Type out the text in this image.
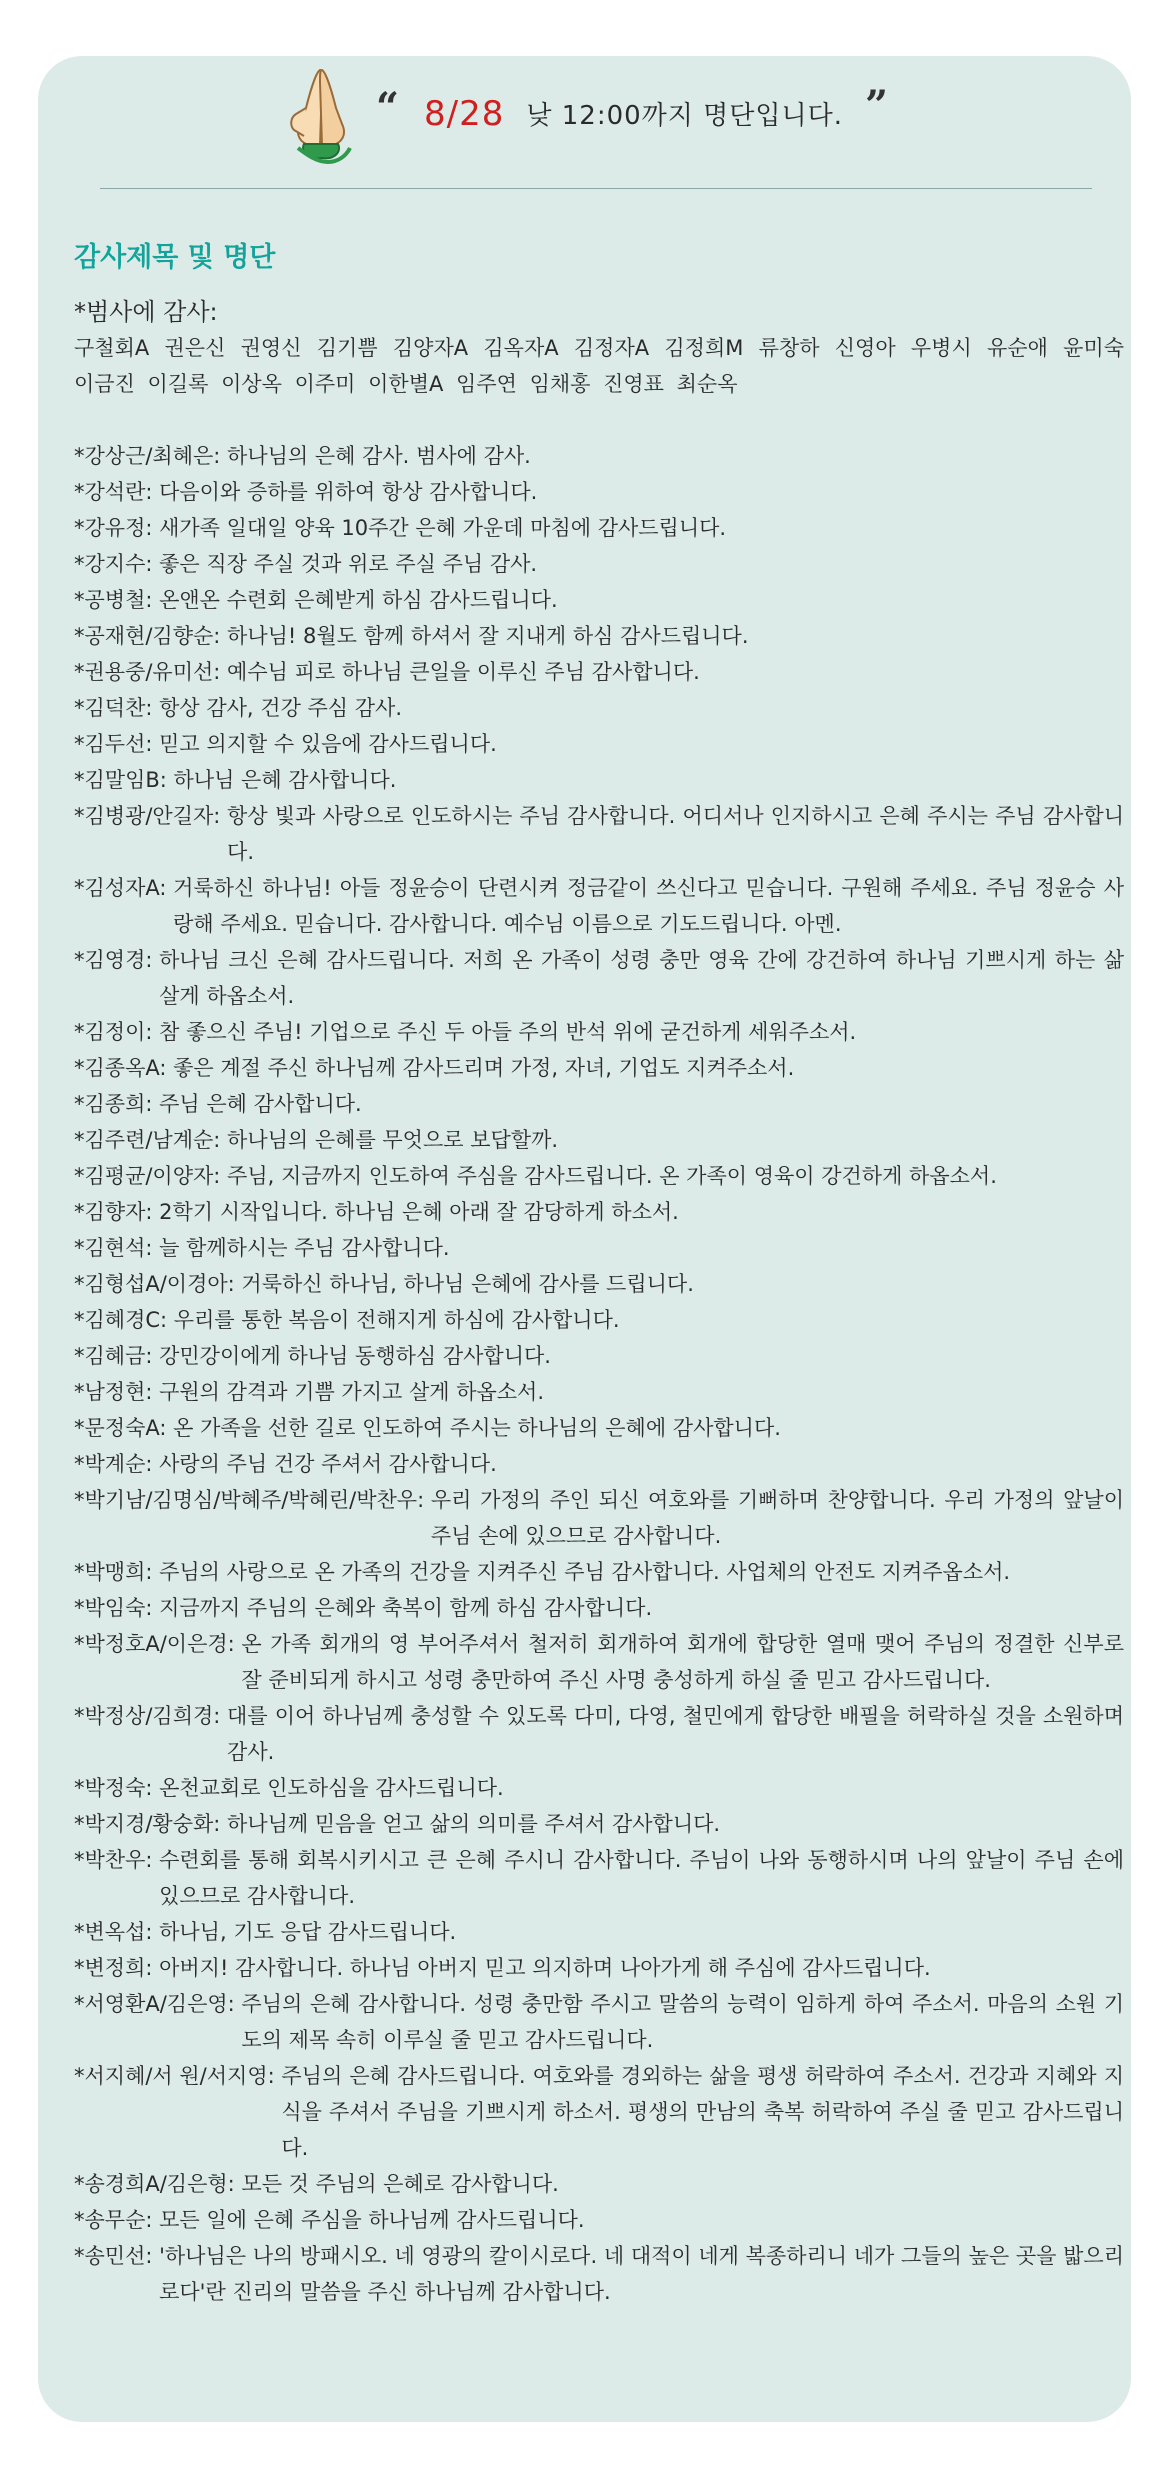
“ 8/28 낮 12:00까지 명단입니다. ”
감사제목 및 명단
*범사에 감사:
구철회A 권은신 권영신 김기쁨 김양자A 김옥자A 김정자A 김정희M 류창하 신영아 우병시 유순애 윤미숙
이금진 이길록 이상옥 이주미 이한별A 임주연 임채홍 진영표 최순옥
*강상근/최혜은: 하나님의 은혜 감사. 범사에 감사.
*강석란: 다음이와 증하를 위하여 항상 감사합니다.
*강유정: 새가족 일대일 양육 10주간 은혜 가운데 마침에 감사드립니다.
*강지수: 좋은 직장 주실 것과 위로 주실 주님 감사.
*공병철: 온앤온 수련회 은혜받게 하심 감사드립니다.
*공재현/김향순: 하나님! 8월도 함께 하셔서 잘 지내게 하심 감사드립니다.
*권용중/유미선: 예수님 피로 하나님 큰일을 이루신 주님 감사합니다.
*김덕찬: 항상 감사, 건강 주심 감사.
*김두선: 믿고 의지할 수 있음에 감사드립니다.
*김말임B: 하나님 은혜 감사합니다.
*김병광/안길자: 항상 빛과 사랑으로 인도하시는 주님 감사합니다. 어디서나 인지하시고 은혜 주시는 주님 감사합니다.
*김성자A: 거룩하신 하나님! 아들 정윤승이 단련시켜 정금같이 쓰신다고 믿습니다. 구원해 주세요. 주님 정윤승 사랑해 주세요. 믿습니다. 감사합니다. 예수님 이름으로 기도드립니다. 아멘.
*김영경: 하나님 크신 은혜 감사드립니다. 저희 온 가족이 성령 충만 영육 간에 강건하여 하나님 기쁘시게 하는 삶 살게 하옵소서.
*김정이: 참 좋으신 주님! 기업으로 주신 두 아들 주의 반석 위에 굳건하게 세워주소서.
*김종옥A: 좋은 계절 주신 하나님께 감사드리며 가정, 자녀, 기업도 지켜주소서.
*김종희: 주님 은혜 감사합니다.
*김주련/남계순: 하나님의 은혜를 무엇으로 보답할까.
*김평균/이양자: 주님, 지금까지 인도하여 주심을 감사드립니다. 온 가족이 영육이 강건하게 하옵소서.
*김향자: 2학기 시작입니다. 하나님 은혜 아래 잘 감당하게 하소서.
*김현석: 늘 함께하시는 주님 감사합니다.
*김형섭A/이경아: 거룩하신 하나님, 하나님 은혜에 감사를 드립니다.
*김혜경C: 우리를 통한 복음이 전해지게 하심에 감사합니다.
*김혜금: 강민강이에게 하나님 동행하심 감사합니다.
*남정현: 구원의 감격과 기쁨 가지고 살게 하옵소서.
*문정숙A: 온 가족을 선한 길로 인도하여 주시는 하나님의 은혜에 감사합니다.
*박계순: 사랑의 주님 건강 주셔서 감사합니다.
*박기남/김명심/박혜주/박혜린/박찬우: 우리 가정의 주인 되신 여호와를 기뻐하며 찬양합니다. 우리 가정의 앞날이 주님 손에 있으므로 감사합니다.
*박맹희: 주님의 사랑으로 온 가족의 건강을 지켜주신 주님 감사합니다. 사업체의 안전도 지켜주옵소서.
*박임숙: 지금까지 주님의 은혜와 축복이 함께 하심 감사합니다.
*박정호A/이은경: 온 가족 회개의 영 부어주셔서 철저히 회개하여 회개에 합당한 열매 맺어 주님의 정결한 신부로 잘 준비되게 하시고 성령 충만하여 주신 사명 충성하게 하실 줄 믿고 감사드립니다.
*박정상/김희경: 대를 이어 하나님께 충성할 수 있도록 다미, 다영, 철민에게 합당한 배필을 허락하실 것을 소원하며 감사.
*박정숙: 온천교회로 인도하심을 감사드립니다.
*박지경/황숭화: 하나님께 믿음을 얻고 삶의 의미를 주셔서 감사합니다.
*박찬우: 수련회를 통해 회복시키시고 큰 은혜 주시니 감사합니다. 주님이 나와 동행하시며 나의 앞날이 주님 손에 있으므로 감사합니다.
*변옥섭: 하나님, 기도 응답 감사드립니다.
*변정희: 아버지! 감사합니다. 하나님 아버지 믿고 의지하며 나아가게 해 주심에 감사드립니다.
*서영환A/김은영: 주님의 은혜 감사합니다. 성령 충만함 주시고 말씀의 능력이 임하게 하여 주소서. 마음의 소원 기도의 제목 속히 이루실 줄 믿고 감사드립니다.
*서지혜/서 원/서지영: 주님의 은혜 감사드립니다. 여호와를 경외하는 삶을 평생 허락하여 주소서. 건강과 지혜와 지식을 주셔서 주님을 기쁘시게 하소서. 평생의 만남의 축복 허락하여 주실 줄 믿고 감사드립니다.
*송경희A/김은형: 모든 것 주님의 은혜로 감사합니다.
*송무순: 모든 일에 은혜 주심을 하나님께 감사드립니다.
*송민선: '하나님은 나의 방패시오. 네 영광의 칼이시로다. 네 대적이 네게 복종하리니 네가 그들의 높은 곳을 밟으리로다'란 진리의 말씀을 주신 하나님께 감사합니다.
